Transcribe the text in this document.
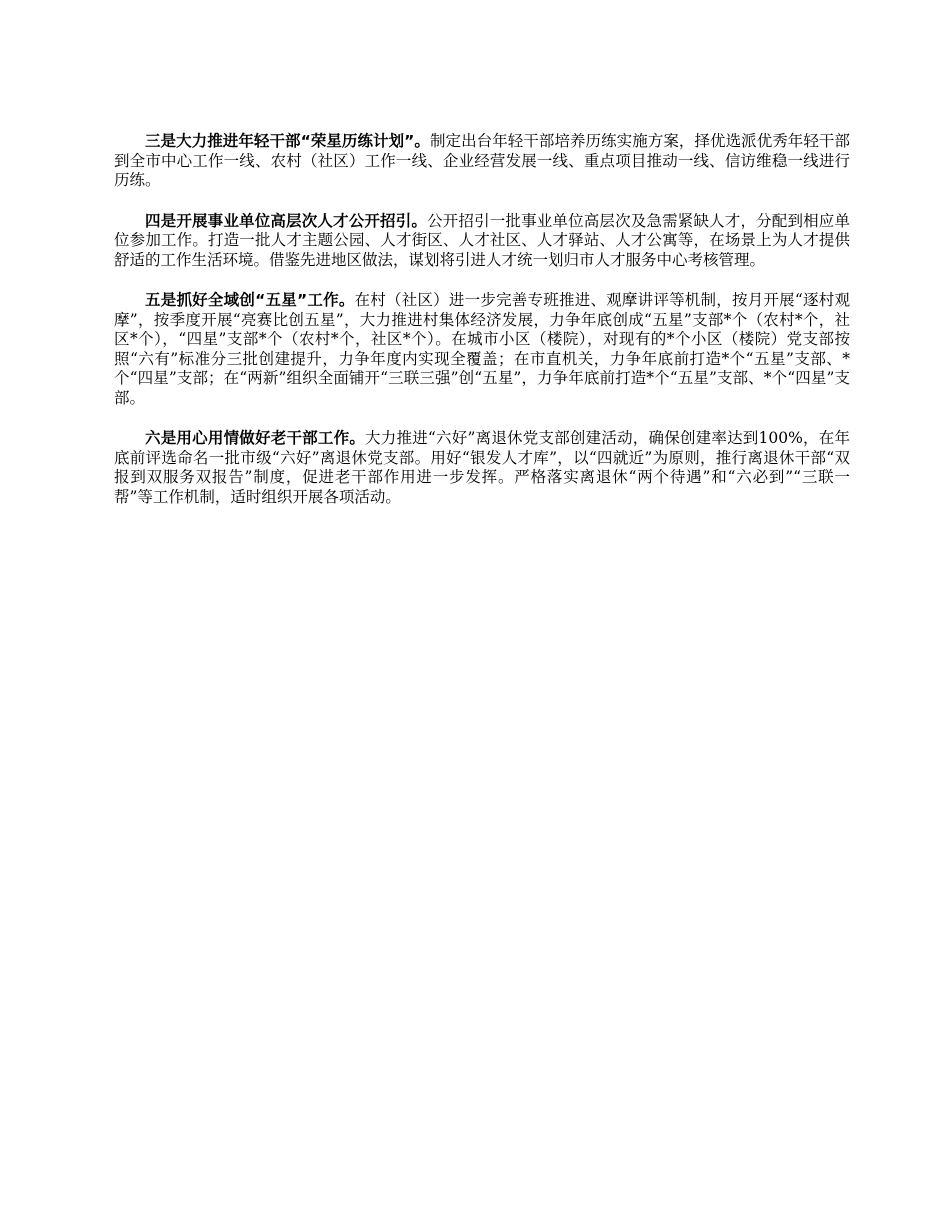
三是大力推进年轻干部“荣星历练计划”。制定出台年轻干部培养历练实施方案，择优选派优秀年轻干部到全市中心工作一线、农村（社区）工作一线、企业经营发展一线、重点项目推动一线、信访维稳一线进行历练。

四是开展事业单位高层次人才公开招引。公开招引一批事业单位高层次及急需紧缺人才，分配到相应单位参加工作。打造一批人才主题公园、人才街区、人才社区、人才驿站、人才公寓等，在场景上为人才提供舒适的工作生活环境。借鉴先进地区做法，谋划将引进人才统一划归市人才服务中心考核管理。

五是抓好全域创“五星”工作。在村（社区）进一步完善专班推进、观摩讲评等机制，按月开展“逐村观摩”，按季度开展“亮赛比创五星”，大力推进村集体经济发展，力争年底创成“五星”支部*个（农村*个，社区*个），“四星”支部*个（农村*个，社区*个）。在城市小区（楼院），对现有的*个小区（楼院）党支部按照“六有”标准分三批创建提升，力争年度内实现全覆盖；在市直机关，力争年底前打造*个“五星”支部、*个“四星”支部；在“两新”组织全面铺开“三联三强”创“五星”，力争年底前打造*个“五星”支部、*个“四星”支部。

六是用心用情做好老干部工作。大力推进“六好”离退休党支部创建活动，确保创建率达到100%，在年底前评选命名一批市级“六好”离退休党支部。用好“银发人才库”，以“四就近”为原则，推行离退休干部“双报到双服务双报告”制度，促进老干部作用进一步发挥。严格落实离退休“两个待遇”和“六必到”“三联一帮”等工作机制，适时组织开展各项活动。
